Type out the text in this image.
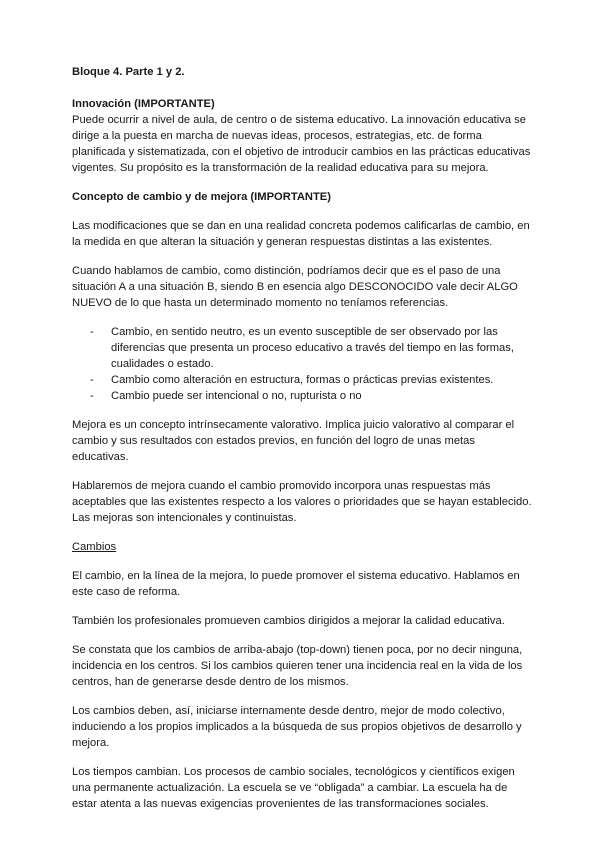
Bloque 4. Parte 1 y 2.
Innovación (IMPORTANTE)

Puede ocurrir a nivel de aula, de centro o de sistema educativo. La innovación educativa se dirige a la puesta en marcha de nuevas ideas, procesos, estrategias, etc. de forma planificada y sistematizada, con el objetivo de introducir cambios en las prácticas educativas vigentes. Su propósito es la transformación de la realidad educativa para su mejora.

Concepto de cambio y de mejora (IMPORTANTE)

Las modificaciones que se dan en una realidad concreta podemos calificarlas de cambio, en la medida en que alteran la situación y generan respuestas distintas a las existentes.

Cuando hablamos de cambio, como distinción, podríamos decir que es el paso de una situación A a una situación B, siendo B en esencia algo DESCONOCIDO vale decir ALGO NUEVO de lo que hasta un determinado momento no teníamos referencias.

- Cambio, en sentido neutro, es un evento susceptible de ser observado por las diferencias que presenta un proceso educativo a través del tiempo en las formas, cualidades o estado.
- Cambio como alteración en estructura, formas o prácticas previas existentes.
- Cambio puede ser intencional o no, rupturista o no

Mejora es un concepto intrínsecamente valorativo. Implica juicio valorativo al comparar el cambio y sus resultados con estados previos, en función del logro de unas metas educativas.

Hablaremos de mejora cuando el cambio promovido incorpora unas respuestas más aceptables que las existentes respecto a los valores o prioridades que se hayan establecido. Las mejoras son intencionales y continuistas.

Cambios

El cambio, en la línea de la mejora, lo puede promover el sistema educativo. Hablamos en este caso de reforma.

También los profesionales promueven cambios dirigidos a mejorar la calidad educativa.

Se constata que los cambios de arriba-abajo (top-down) tienen poca, por no decir ninguna, incidencia en los centros. Si los cambios quieren tener una incidencia real en la vida de los centros, han de generarse desde dentro de los mismos.

Los cambios deben, así, iniciarse internamente desde dentro, mejor de modo colectivo, induciendo a los propios implicados a la búsqueda de sus propios objetivos de desarrollo y mejora.

Los tiempos cambian. Los procesos de cambio sociales, tecnológicos y científicos exigen una permanente actualización. La escuela se ve “obligada” a cambiar. La escuela ha de estar atenta a las nuevas exigencias provenientes de las transformaciones sociales.
